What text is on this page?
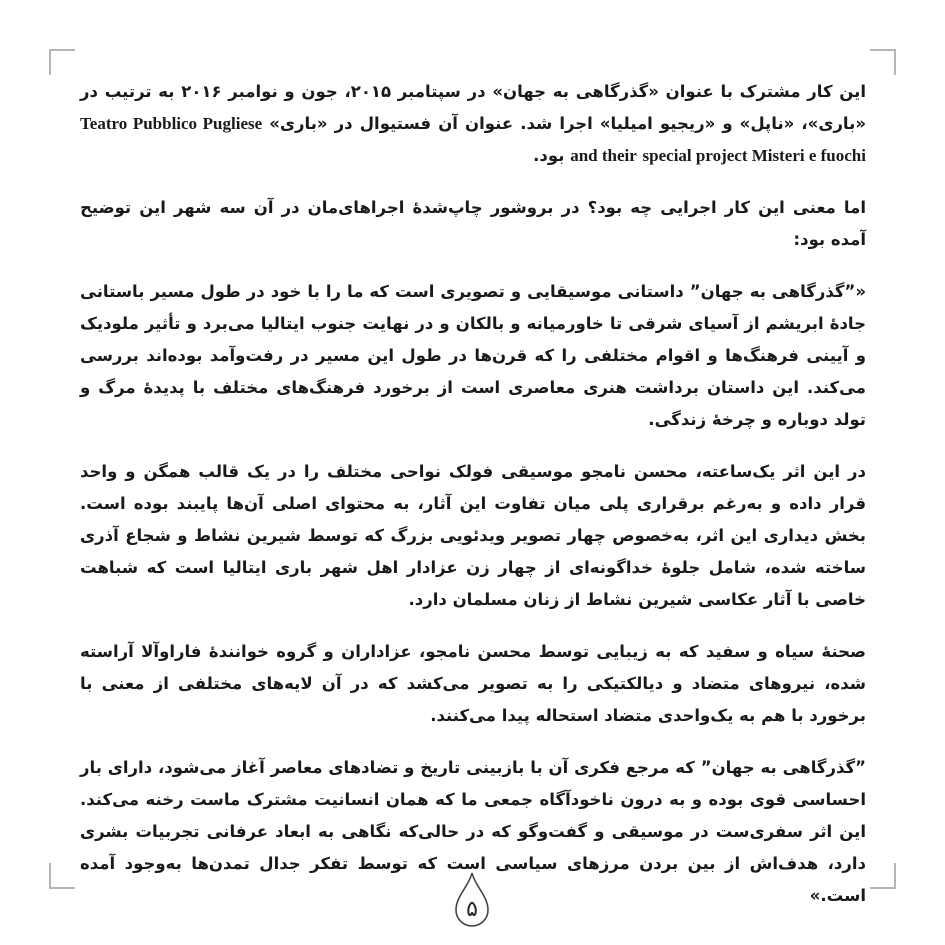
این کار مشترک با عنوان «گذرگاهی به جهان» در سپتامبر ۲۰۱۵، جون و نوامبر ۲۰۱۶ به ترتیب در «باری»، «ناپل» و «ریجیو امیلیا» اجرا شد. عنوان آن فستیوال در «باری» Teatro Pubblico Pugliese and their special project Misteri e fuochi بود.

اما معنی این کار اجرایی چه بود؟ در بروشور چاپ‌شدهٔ اجراهای‌مان در آن سه شهر این توضیح آمده بود:

«”گذرگاهی به جهان” داستانی موسیقایی و تصویری است که ما را با خود در طول مسیر باستانی جادهٔ ابریشم از آسیای شرقی تا خاورمیانه و بالکان و در نهایت جنوب ایتالیا می‌برد و تأثیر ملودیک و آیینی فرهنگ‌ها و اقوام مختلفی را که قرن‌ها در طول این مسیر در رفت‌وآمد بوده‌اند بررسی می‌کند. این داستان برداشت هنری معاصری است از برخورد فرهنگ‌های مختلف با پدیدهٔ مرگ و تولد دوباره و چرخهٔ زندگی.

در این اثر یک‌ساعته، محسن نامجو موسیقی فولک نواحی مختلف را در یک قالب همگن و واحد قرار داده و به‌رغم برقراری پلی میان تفاوت این آثار، به محتوای اصلی آن‌ها پایبند بوده است. بخش دیداری این اثر، به‌خصوص چهار تصویر ویدئویی بزرگ که توسط شیرین نشاط و شجاع آذری ساخته شده، شامل جلوهٔ خداگونه‌ای از چهار زن عزادار اهل شهر باری ایتالیا است که شباهت خاصی با آثار عکاسی شیرین نشاط از زنان مسلمان دارد.

صحنهٔ سیاه و سفید که به زیبایی توسط محسن نامجو، عزاداران و گروه خوانندهٔ فاراوآلا آراسته شده، نیروهای متضاد و دیالکتیکی را به تصویر می‌کشد که در آن لایه‌های مختلفی از معنی با برخورد با هم به یک‌واحدی متضاد استحاله پیدا می‌کنند.

”گذرگاهی به جهان” که مرجع فکری آن با بازبینی تاریخ و تضادهای معاصر آغاز می‌شود، دارای بار احساسی قوی بوده و به درون ناخودآگاه جمعی ما که همان انسانیت مشترک ماست رخنه می‌کند. این اثر سفری‌ست در موسیقی و گفت‌وگو که در حالی‌که نگاهی به ابعاد عرفانی تجربیات بشری دارد، هدف‌اش از بین بردن مرزهای سیاسی است که توسط تفکر جدال تمدن‌ها به‌وجود آمده است.»

۵
